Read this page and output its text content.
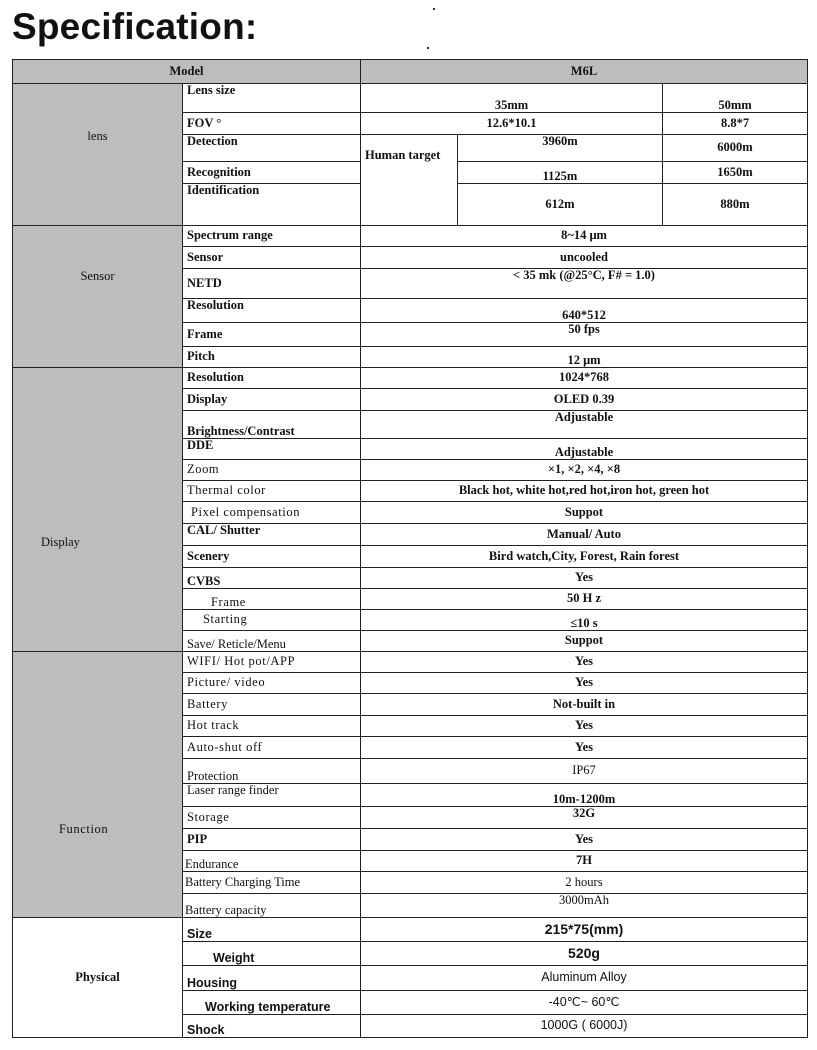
Specification:
Model		M6L		
lens	Lens size	35mm		50mm
	FOV °	12.6*10.1		8.8*7
	Detection	Human target	3960m	6000m
	Recognition		1125m	1650m
	Identification		612m	880m
Sensor	Spectrum range	8~14 μm		
	Sensor	uncooled		
	NETD	< 35 mk (@25°C, F# = 1.0)		
	Resolution	640*512		
	Frame	50 fps		
	Pitch	12 μm		
Display	Resolution	1024*768		
	Display	OLED 0.39		
	Brightness/Contrast	Adjustable		
	DDE	Adjustable		
	Zoom	×1, ×2, ×4, ×8		
	Thermal color	Black hot, white hot,red hot,iron hot, green hot		
	Pixel compensation	Suppot		
	CAL/ Shutter	Manual/ Auto		
	Scenery	Bird watch,City, Forest, Rain forest		
	CVBS	Yes		
	Frame	50 H z		
	Starting	≤10 s		
	Save/ Reticle/Menu	Suppot		
Function	WIFI/ Hot pot/APP	Yes		
	Picture/ video	Yes		
	Battery	Not-built in		
	Hot track	Yes		
	Auto-shut off	Yes		
	Protection	IP67		
	Laser range finder	10m-1200m		
	Storage	32G		
	PIP	Yes		
	Endurance	7H		
	Battery Charging Time	2 hours		
	Battery capacity	3000mAh		
Physical	Size	215*75(mm)		
	Weight	520g		
	Housing	Aluminum Alloy		
	Working temperature	-40℃~ 60℃		
	Shock	1000G ( 6000J)		
